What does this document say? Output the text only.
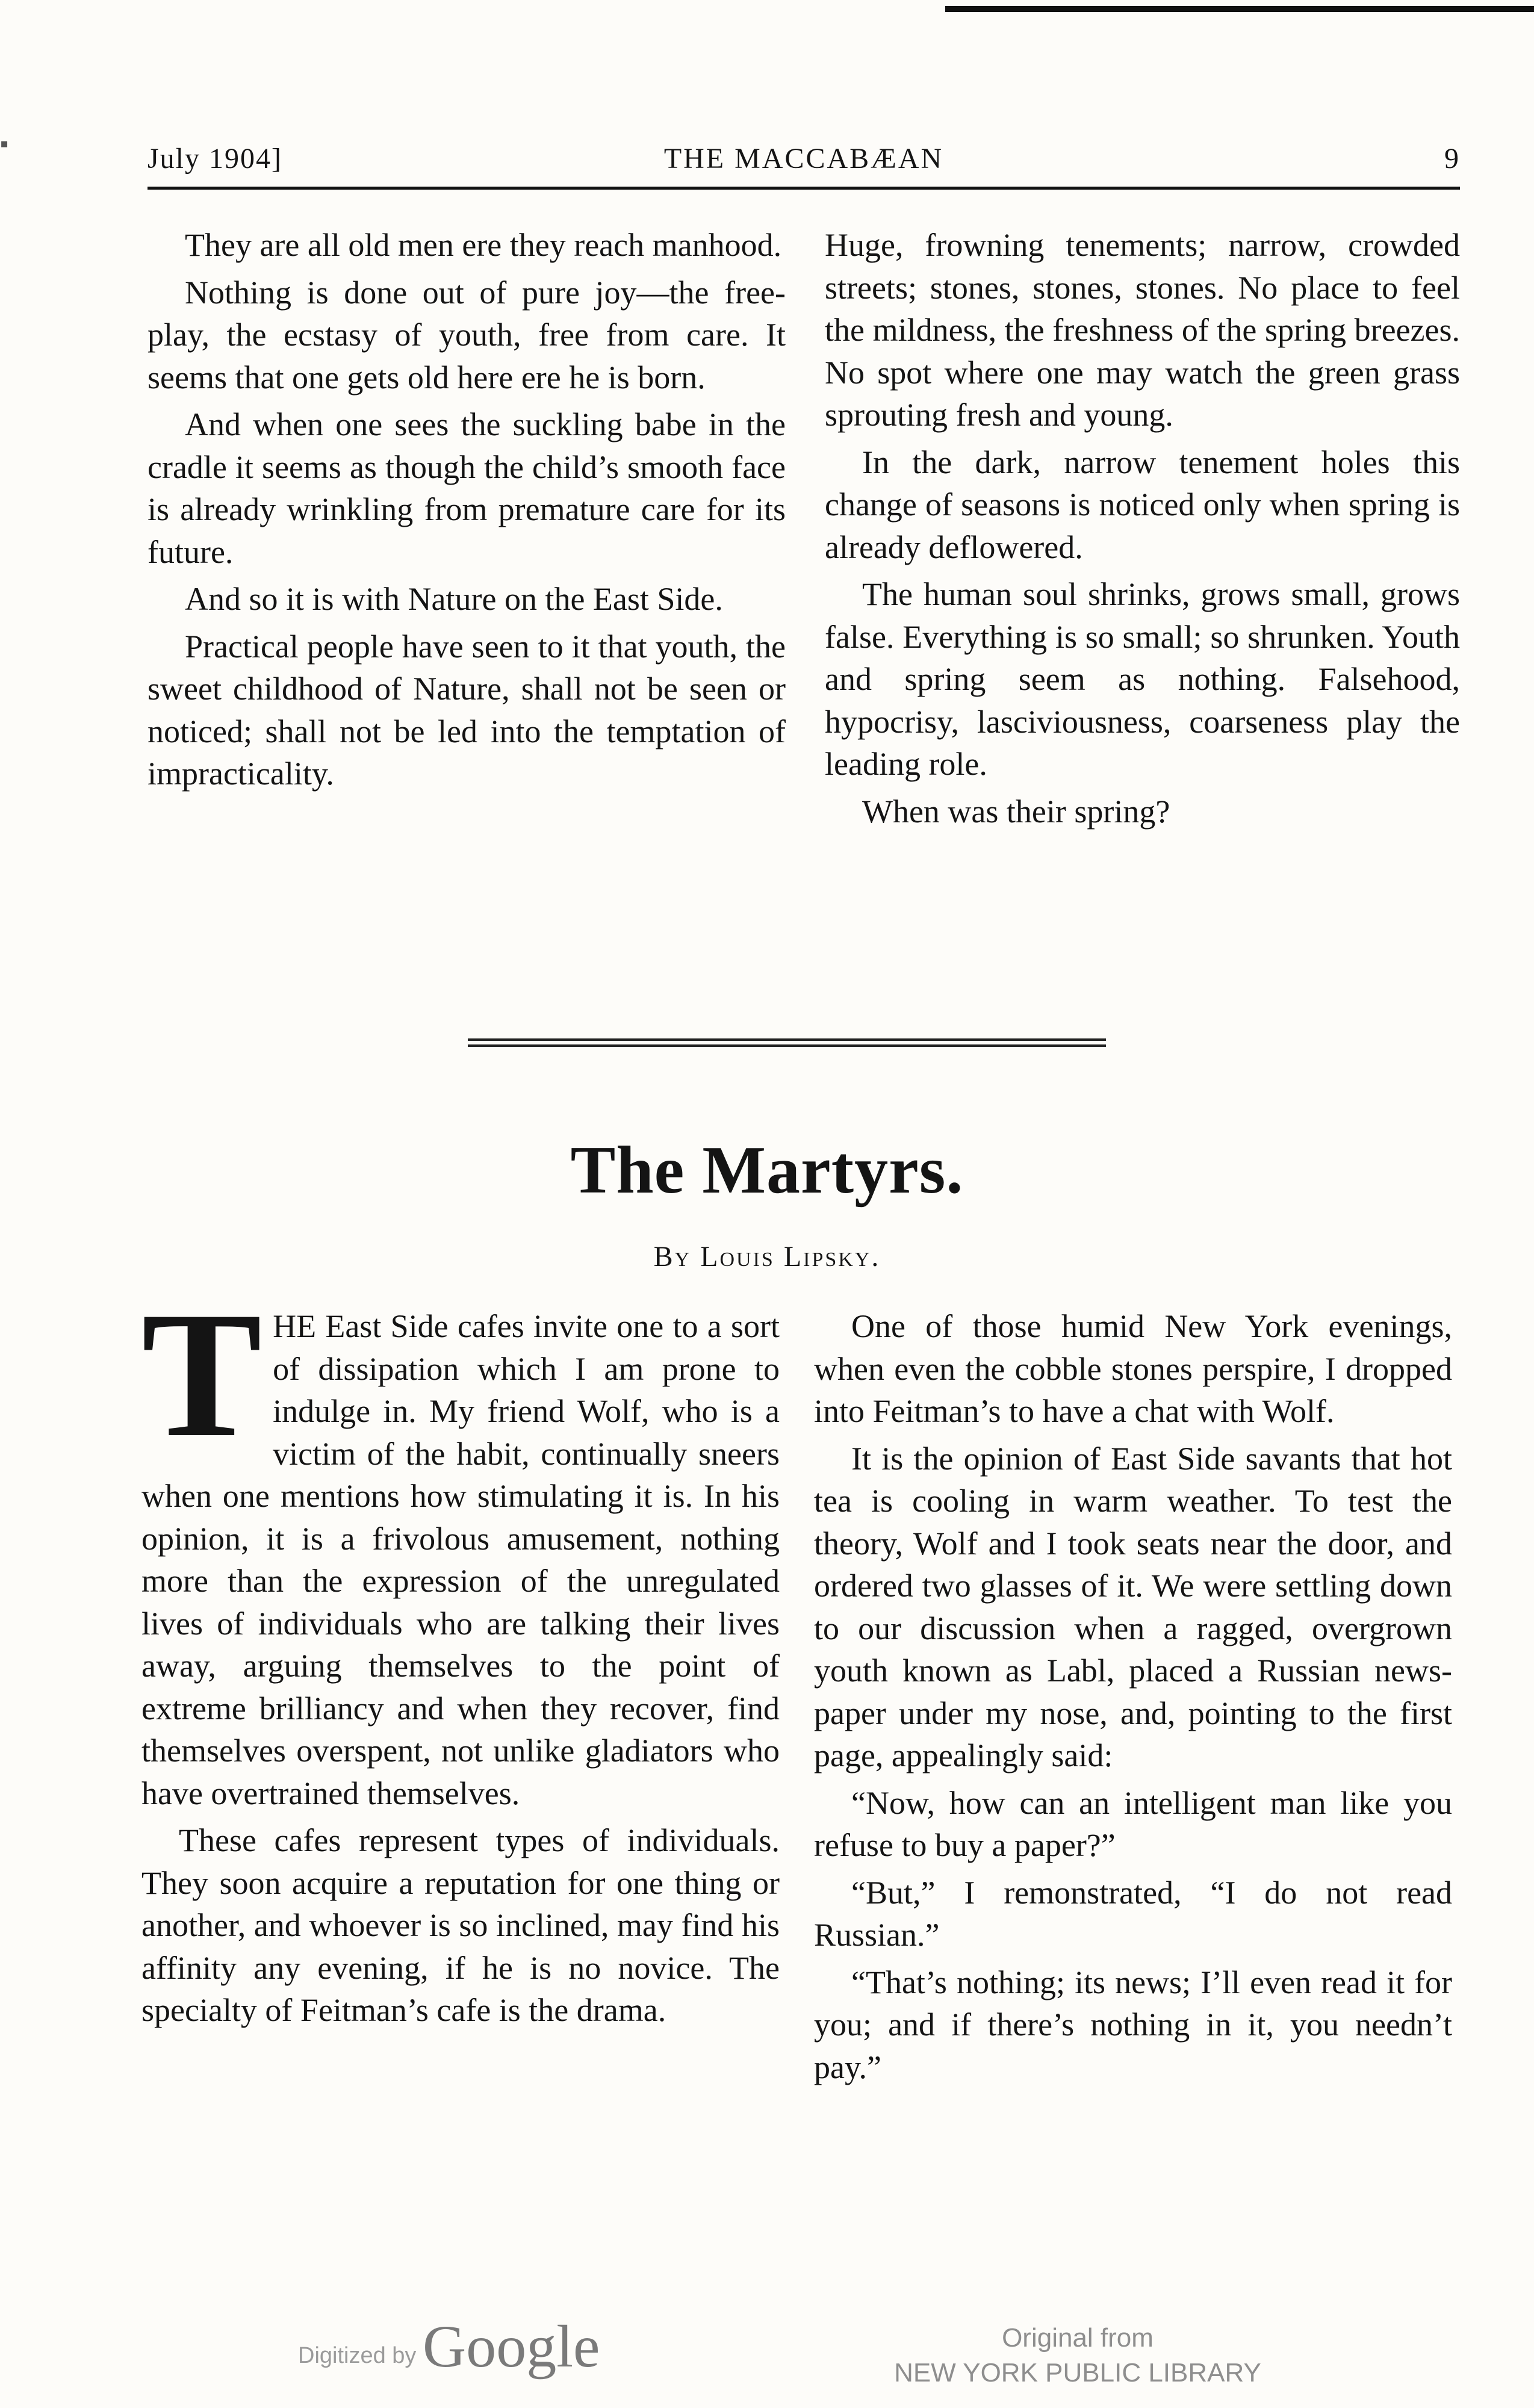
▪	July 1904]	THE MACCABÆAN	9

They are all old men ere they reach manhood.

Nothing is done out of pure joy—the free-play, the ecstasy of youth, free from care. It seems that one gets old here ere he is born.

And when one sees the suckling babe in the cradle it seems as though the child’s smooth face is already wrinkling from premature care for its future.

And so it is with Nature on the East Side.

Practical people have seen to it that youth, the sweet childhood of Nature, shall not be seen or noticed; shall not be led into the temptation of impracticality.

Huge, frowning tenements; narrow, crowded streets; stones, stones, stones. No place to feel the mildness, the freshness of the spring breezes. No spot where one may watch the green grass sprouting fresh and young.

In the dark, narrow tenement holes this change of seasons is noticed only when spring is already deflowered.

The human soul shrinks, grows small, grows false. Everything is so small; so shrunken. Youth and spring seem as nothing. Falsehood, hypocrisy, lasciviousness, coarseness play the leading role.

When was their spring?

The Martyrs.
By Louis Lipsky.

THE East Side cafes invite one to a sort of dissipation which I am prone to indulge in. My friend Wolf, who is a victim of the habit, continually sneers when one mentions how stimulating it is. In his opinion, it is a frivolous amusement, nothing more than the expression of the unregulated lives of individuals who are talking their lives away, arguing themselves to the point of extreme brilliancy and when they recover, find themselves overspent, not unlike gladiators who have overtrained themselves.

These cafes represent types of individuals. They soon acquire a reputation for one thing or another, and whoever is so inclined, may find his affinity any evening, if he is no novice. The specialty of Feitman’s cafe is the drama.

One of those humid New York evenings, when even the cobble stones perspire, I dropped into Feitman’s to have a chat with Wolf.

It is the opinion of East Side savants that hot tea is cooling in warm weather. To test the theory, Wolf and I took seats near the door, and ordered two glasses of it. We were settling down to our discussion when a ragged, overgrown youth known as Labl, placed a Russian newspaper under my nose, and, pointing to the first page, appealingly said:

“Now, how can an intelligent man like you refuse to buy a paper?”

“But,” I remonstrated, “I do not read Russian.”

“That’s nothing; its news; I’ll even read it for you; and if there’s nothing in it, you needn’t pay.”

Digitized by Google	Original from
NEW YORK PUBLIC LIBRARY
